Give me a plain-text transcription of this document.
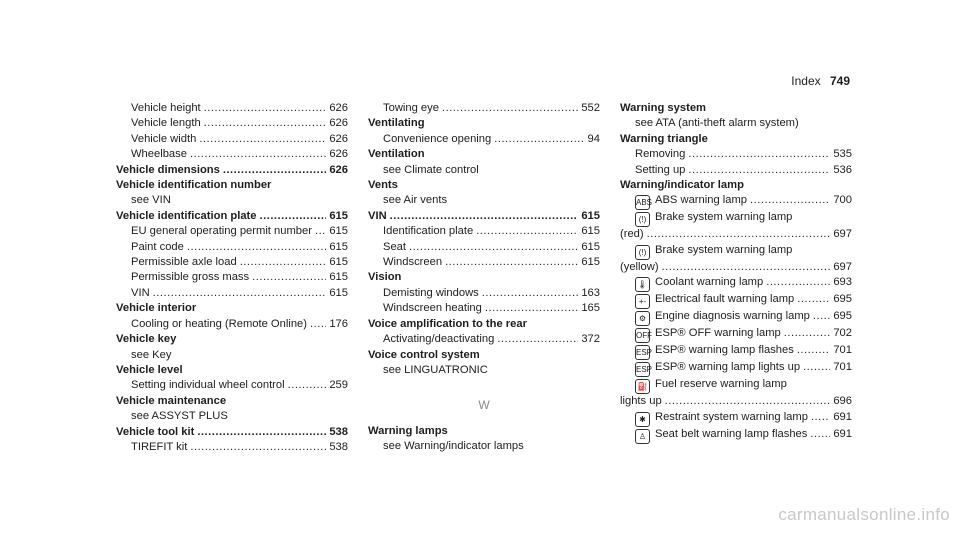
Index 749
Vehicle height .....	626
Vehicle length .....	626
Vehicle width .....	626
Wheelbase .....	626
Vehicle dimensions .....	626
Vehicle identification number
see VIN
Vehicle identification plate .....	615
EU general operating permit number ..... 615
Paint code .....	615
Permissible axle load .....	615
Permissible gross mass .....	615
VIN .....	615
Vehicle interior
Cooling or heating (Remote Online) ..... 176
Vehicle key
see Key
Vehicle level
Setting individual wheel control .....	259
Vehicle maintenance
see ASSYST PLUS
Vehicle tool kit .....	538
TIREFIT kit .....	538
Towing eye .....	552
Ventilating
Convenience opening .....	94
Ventilation
see Climate control
Vents
see Air vents
VIN .....	615
Identification plate .....	615
Seat .....	615
Windscreen .....	615
Vision
Demisting windows .....	163
Windscreen heating .....	165
Voice amplification to the rear
Activating/deactivating .....	372
Voice control system
see LINGUATRONIC
W
Warning lamps
see Warning/indicator lamps
Warning system
see ATA (anti-theft alarm system)
Warning triangle
Removing .....	535
Setting up .....	536
Warning/indicator lamp
ABS ABS warning lamp .....	700
(!) Brake system warning lamp
(red) .....	697
(!) Brake system warning lamp
(yellow) .....	697
🌡 Coolant warning lamp .....	693
+- Electrical fault warning lamp .....	695
⚙ Engine diagnosis warning lamp ..... 695
OFF ESP® OFF warning lamp .....	702
ESP ESP® warning lamp flashes .....	701
ESP ESP® warning lamp lights up .....	701
⛽ Fuel reserve warning lamp
lights up .....	696
✱ Restraint system warning lamp ..... 691
♙ Seat belt warning lamp flashes ..... 691
carmanualsonline.info
